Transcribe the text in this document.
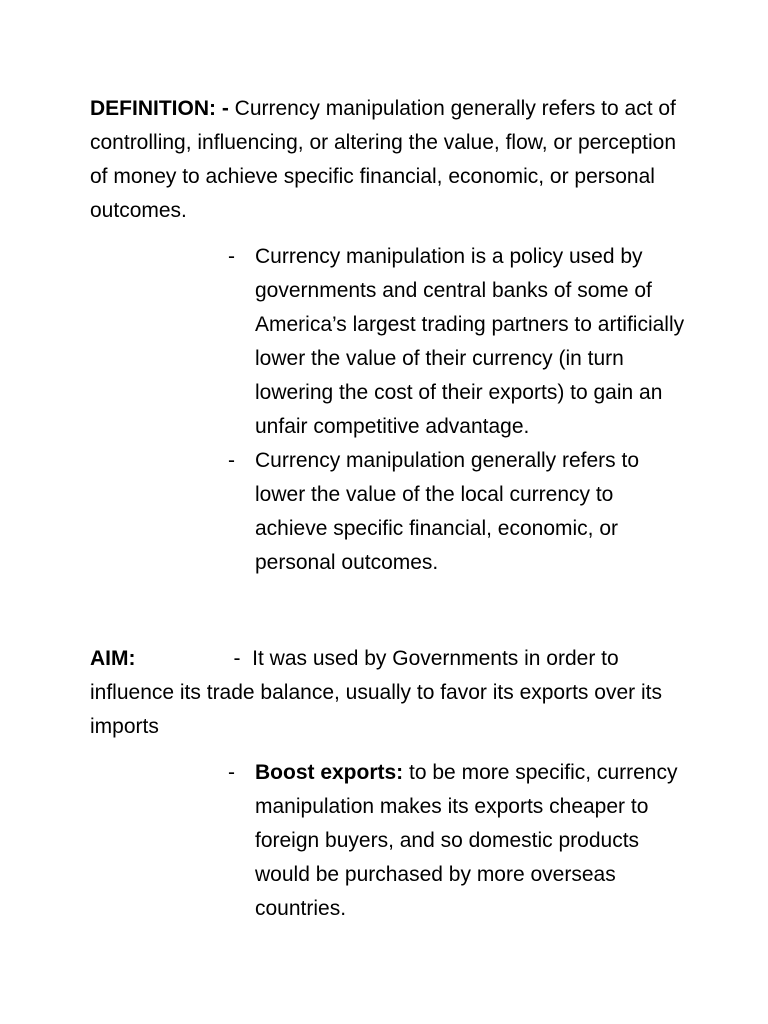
DEFINITION: - Currency manipulation generally refers to act of controlling, influencing, or altering the value, flow, or perception of money to achieve specific financial, economic, or personal outcomes.

- Currency manipulation is a policy used by governments and central banks of some of America’s largest trading partners to artificially lower the value of their currency (in turn lowering the cost of their exports) to gain an unfair competitive advantage.
- Currency manipulation generally refers to lower the value of the local currency to achieve specific financial, economic, or personal outcomes.

AIM:	- It was used by Governments in order to influence its trade balance, usually to favor its exports over its imports

- Boost exports: to be more specific, currency manipulation makes its exports cheaper to foreign buyers, and so domestic products would be purchased by more overseas countries.
